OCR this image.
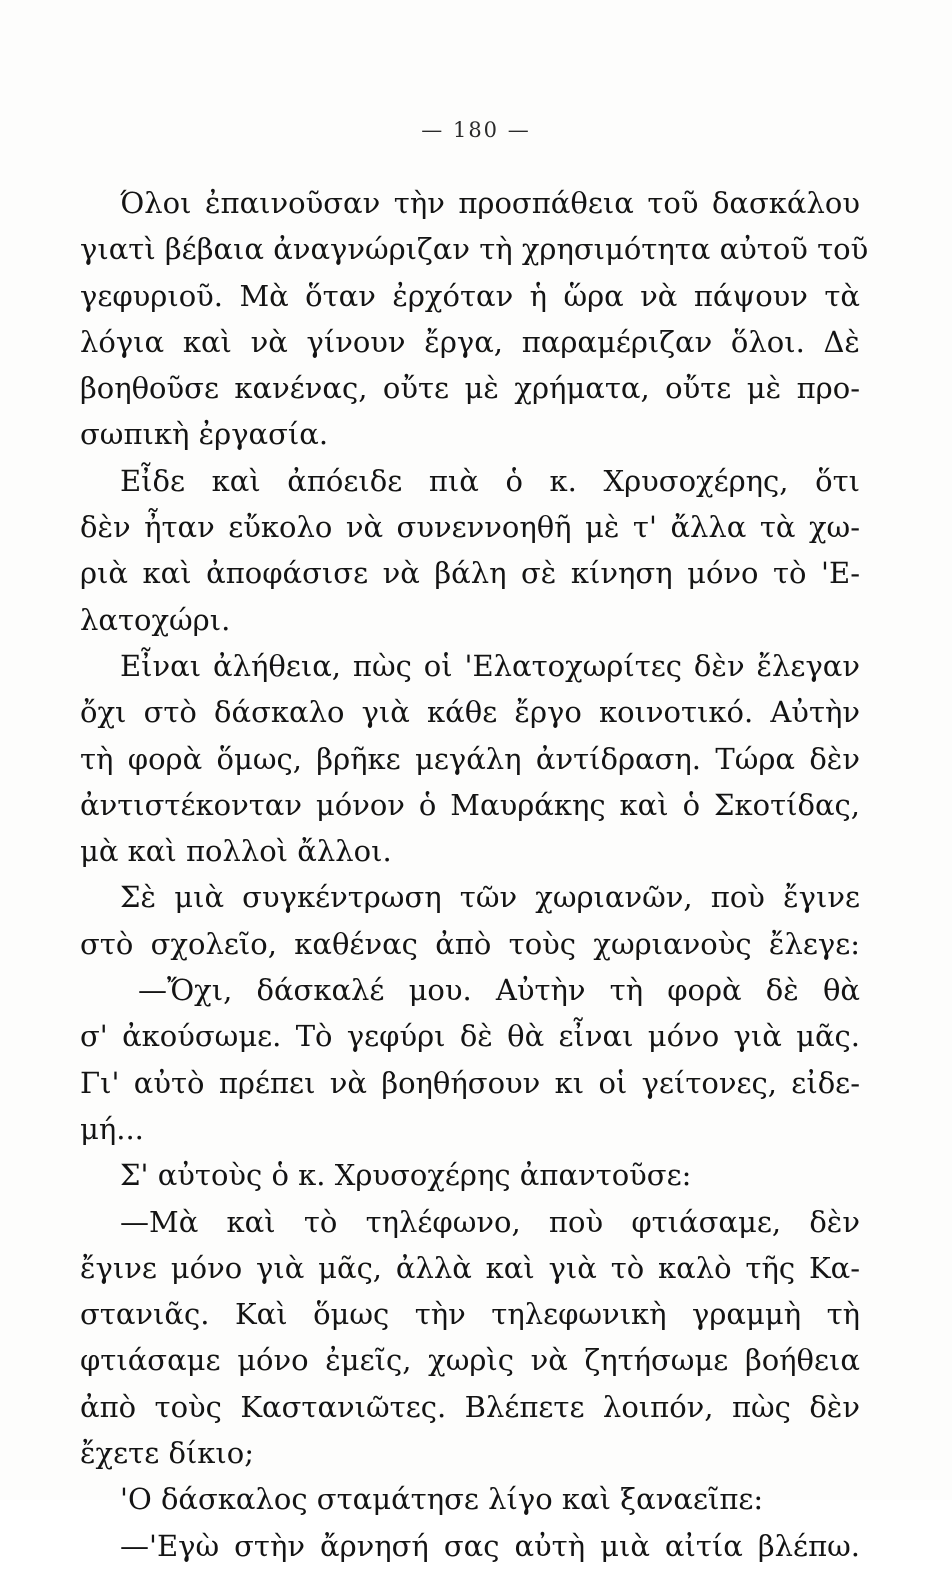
— 180 —
Όλοι ἐπαινοῦσαν τὴν προσπάθεια τοῦ δασκάλου
γιατὶ βέβαια ἀναγνώριζαν τὴ χρησιμότητα αὐτοῦ τοῦ
γεφυριοῦ. Μὰ ὅταν ἐρχόταν ἡ ὥρα νὰ πάψουν τὰ
λόγια καὶ νὰ γίνουν ἔργα, παραμέριζαν ὅλοι. Δὲ
βοηθοῦσε κανένας, οὔτε μὲ χρήματα, οὔτε μὲ προ-
σωπικὴ ἐργασία.
Εἶδε καὶ ἀπόειδε πιὰ ὁ κ. Χρυσοχέρης, ὅτι
δὲν ἦταν εὔκολο νὰ συνεννοηθῆ μὲ τ' ἄλλα τὰ χω-
ριὰ καὶ ἀποφάσισε νὰ βάλη σὲ κίνηση μόνο τὸ 'Ε-
λατοχώρι.
Εἶναι ἀλήθεια, πὼς οἱ 'Ελατοχωρίτες δὲν ἔλεγαν
ὄχι στὸ δάσκαλο γιὰ κάθε ἔργο κοινοτικό. Αὐτὴν
τὴ φορὰ ὅμως, βρῆκε μεγάλη ἀντίδραση. Τώρα δὲν
ἀντιστέκονταν μόνον ὁ Μαυράκης καὶ ὁ Σκοτίδας,
μὰ καὶ πολλοὶ ἄλλοι.
Σὲ μιὰ συγκέντρωση τῶν χωριανῶν, ποὺ ἔγινε
στὸ σχολεῖο, καθένας ἀπὸ τοὺς χωριανοὺς ἔλεγε:
—Ὄχι, δάσκαλέ μου. Αὐτὴν τὴ φορὰ δὲ θὰ
σ' ἀκούσωμε. Τὸ γεφύρι δὲ θὰ εἶναι μόνο γιὰ μᾶς.
Γι' αὐτὸ πρέπει νὰ βοηθήσουν κι οἱ γείτονες, εἰδε-
μή...
Σ' αὐτοὺς ὁ κ. Χρυσοχέρης ἀπαντοῦσε:
—Μὰ καὶ τὸ τηλέφωνο, ποὺ φτιάσαμε, δὲν
ἔγινε μόνο γιὰ μᾶς, ἀλλὰ καὶ γιὰ τὸ καλὸ τῆς Κα-
στανιᾶς. Καὶ ὅμως τὴν τηλεφωνικὴ γραμμὴ τὴ
φτιάσαμε μόνο ἐμεῖς, χωρὶς νὰ ζητήσωμε βοήθεια
ἀπὸ τοὺς Καστανιῶτες. Βλέπετε λοιπόν, πὼς δὲν
ἔχετε δίκιο;
'Ο δάσκαλος σταμάτησε λίγο καὶ ξαναεῖπε:
—'Εγὼ στὴν ἄρνησή σας αὐτὴ μιὰ αἰτία βλέπω.
